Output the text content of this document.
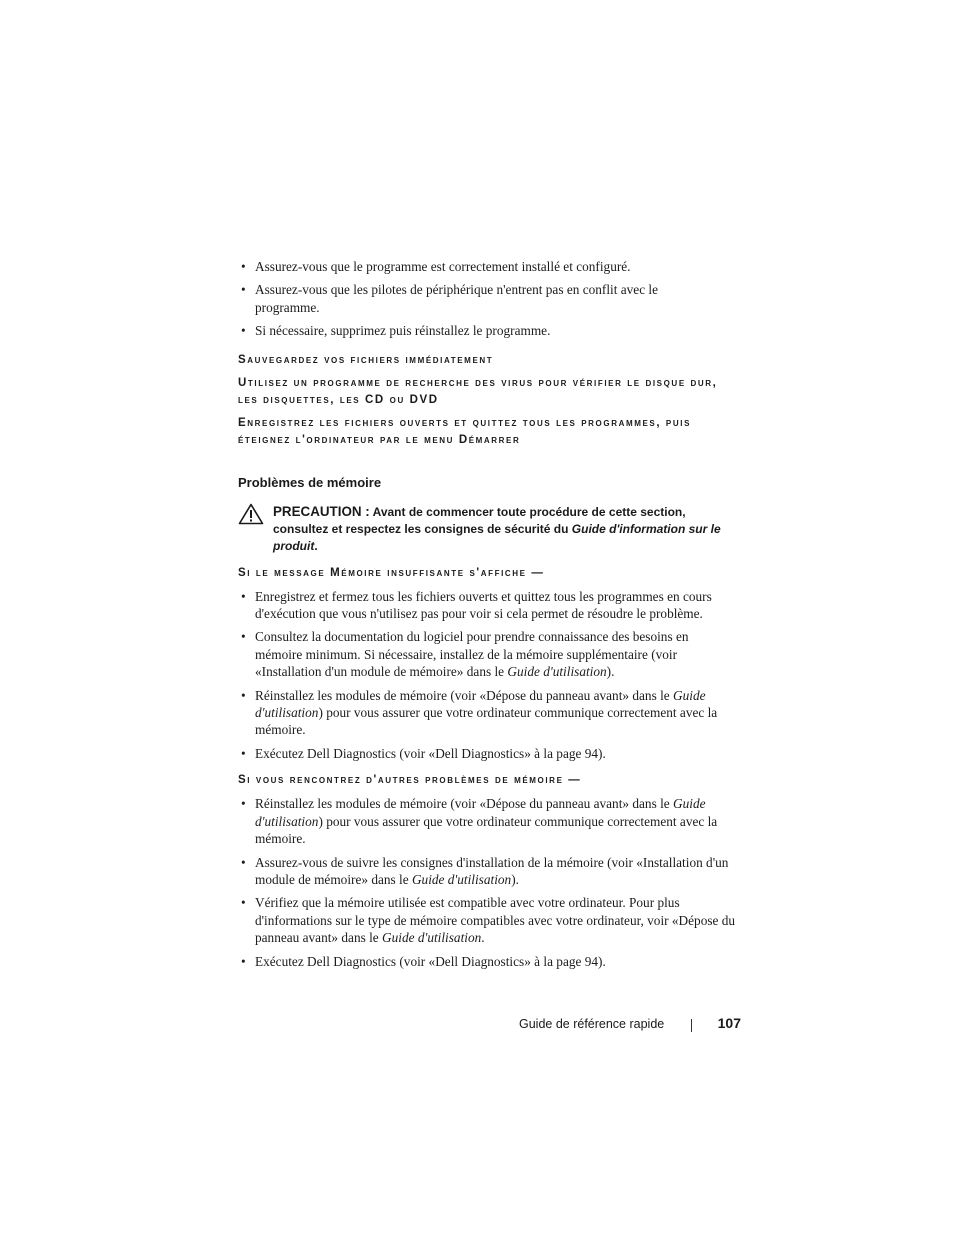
• Assurez-vous que le programme est correctement installé et configuré.
• Assurez-vous que les pilotes de périphérique n'entrent pas en conflit avec le programme.
• Si nécessaire, supprimez puis réinstallez le programme.

Sauvegardez vos fichiers immédiatement

Utilisez un programme de recherche des virus pour vérifier le disque dur, les disquettes, les CD ou DVD

Enregistrez les fichiers ouverts et quittez tous les programmes, puis éteignez l'ordinateur par le menu Démarrer

Problèmes de mémoire
PRECAUTION : Avant de commencer toute procédure de cette section, consultez et respectez les consignes de sécurité du Guide d'information sur le produit.

Si le message Mémoire insuffisante s'affiche —

• Enregistrez et fermez tous les fichiers ouverts et quittez tous les programmes en cours d'exécution que vous n'utilisez pas pour voir si cela permet de résoudre le problème.
• Consultez la documentation du logiciel pour prendre connaissance des besoins en mémoire minimum. Si nécessaire, installez de la mémoire supplémentaire (voir «Installation d'un module de mémoire» dans le Guide d'utilisation).
• Réinstallez les modules de mémoire (voir «Dépose du panneau avant» dans le Guide d'utilisation) pour vous assurer que votre ordinateur communique correctement avec la mémoire.
• Exécutez Dell Diagnostics (voir «Dell Diagnostics» à la page 94).

Si vous rencontrez d'autres problèmes de mémoire —

• Réinstallez les modules de mémoire (voir «Dépose du panneau avant» dans le Guide d'utilisation) pour vous assurer que votre ordinateur communique correctement avec la mémoire.
• Assurez-vous de suivre les consignes d'installation de la mémoire (voir «Installation d'un module de mémoire» dans le Guide d'utilisation).
• Vérifiez que la mémoire utilisée est compatible avec votre ordinateur. Pour plus d'informations sur le type de mémoire compatibles avec votre ordinateur, voir «Dépose du panneau avant» dans le Guide d'utilisation.
• Exécutez Dell Diagnostics (voir «Dell Diagnostics» à la page 94).
Guide de référence rapide	107
